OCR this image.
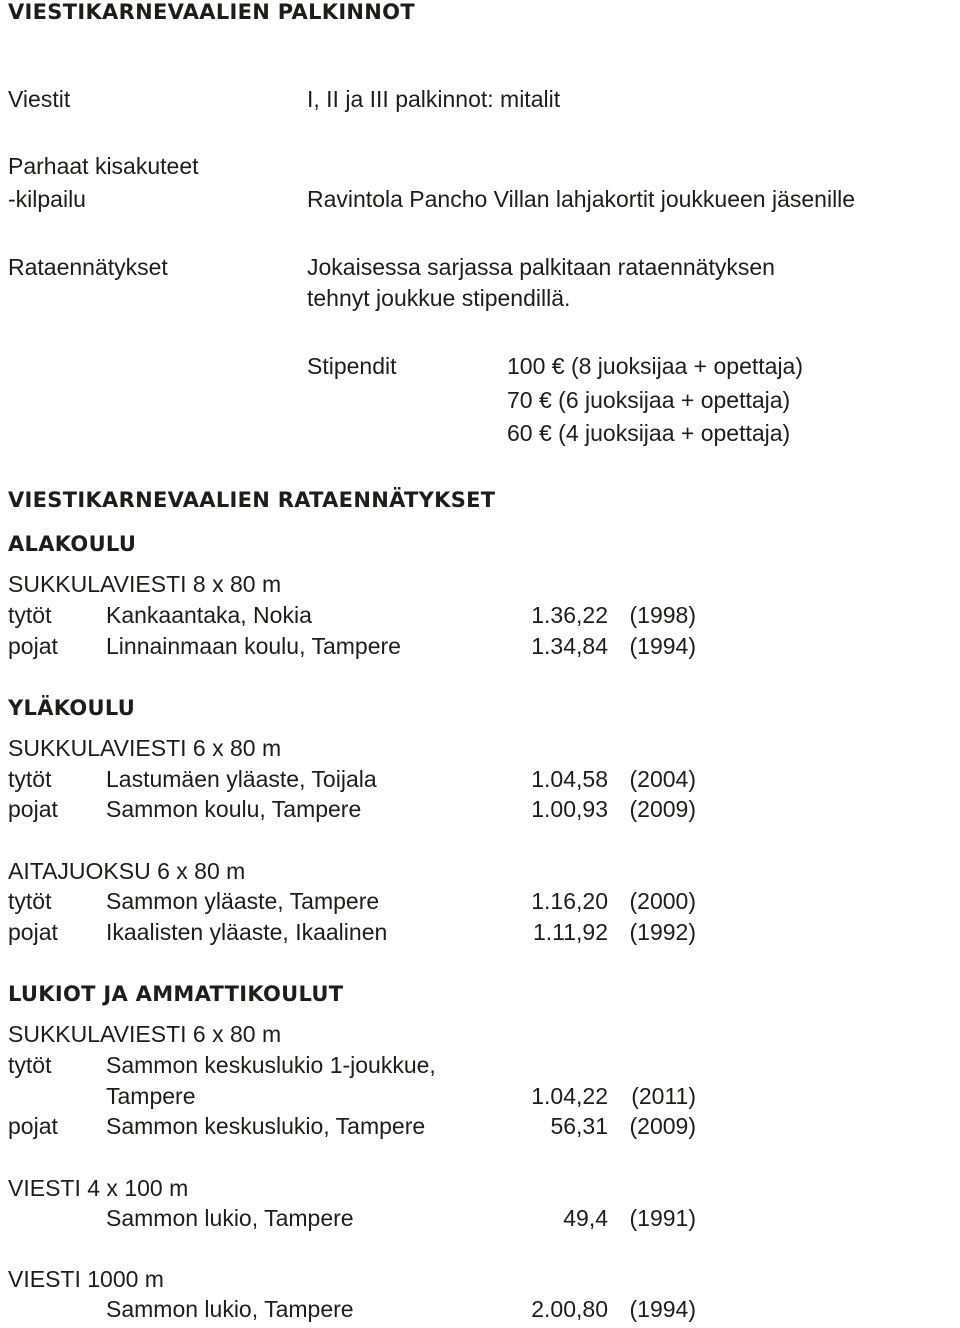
VIESTIKARNEVAALIEN PALKINNOT
Viestit	I, II ja III palkinnot: mitalit
Parhaat kisakuteet
-kilpailu	Ravintola Pancho Villan lahjakortit joukkueen jäsenille
Rataennätykset	Jokaisessa sarjassa palkitaan rataennätyksen
tehnyt joukkue stipendillä.
Stipendit	100 € (8 juoksijaa + opettaja)
70 € (6 juoksijaa + opettaja)
60 € (4 juoksijaa + opettaja)
VIESTIKARNEVAALIEN RATAENNÄTYKSET
ALAKOULU
SUKKULAVIESTI 8 x 80 m
tytöt Kankaantaka, Nokia	1.36,22 (1998)
pojat Linnainmaan koulu, Tampere	1.34,84 (1994)
YLÄKOULU
SUKKULAVIESTI 6 x 80 m
tytöt Lastumäen yläaste, Toijala	1.04,58 (2004)
pojat Sammon koulu, Tampere	1.00,93 (2009)
AITAJUOKSU 6 x 80 m
tytöt Sammon yläaste, Tampere	1.16,20 (2000)
pojat Ikaalisten yläaste, Ikaalinen	1.11,92 (1992)
LUKIOT JA AMMATTIKOULUT
SUKKULAVIESTI 6 x 80 m
tytöt Sammon keskuslukio 1-joukkue,
Tampere	1.04,22 (2011)
pojat Sammon keskuslukio, Tampere	56,31 (2009)
VIESTI 4 x 100 m
Sammon lukio, Tampere	49,4 (1991)
VIESTI 1000 m
Sammon lukio, Tampere	2.00,80 (1994)
